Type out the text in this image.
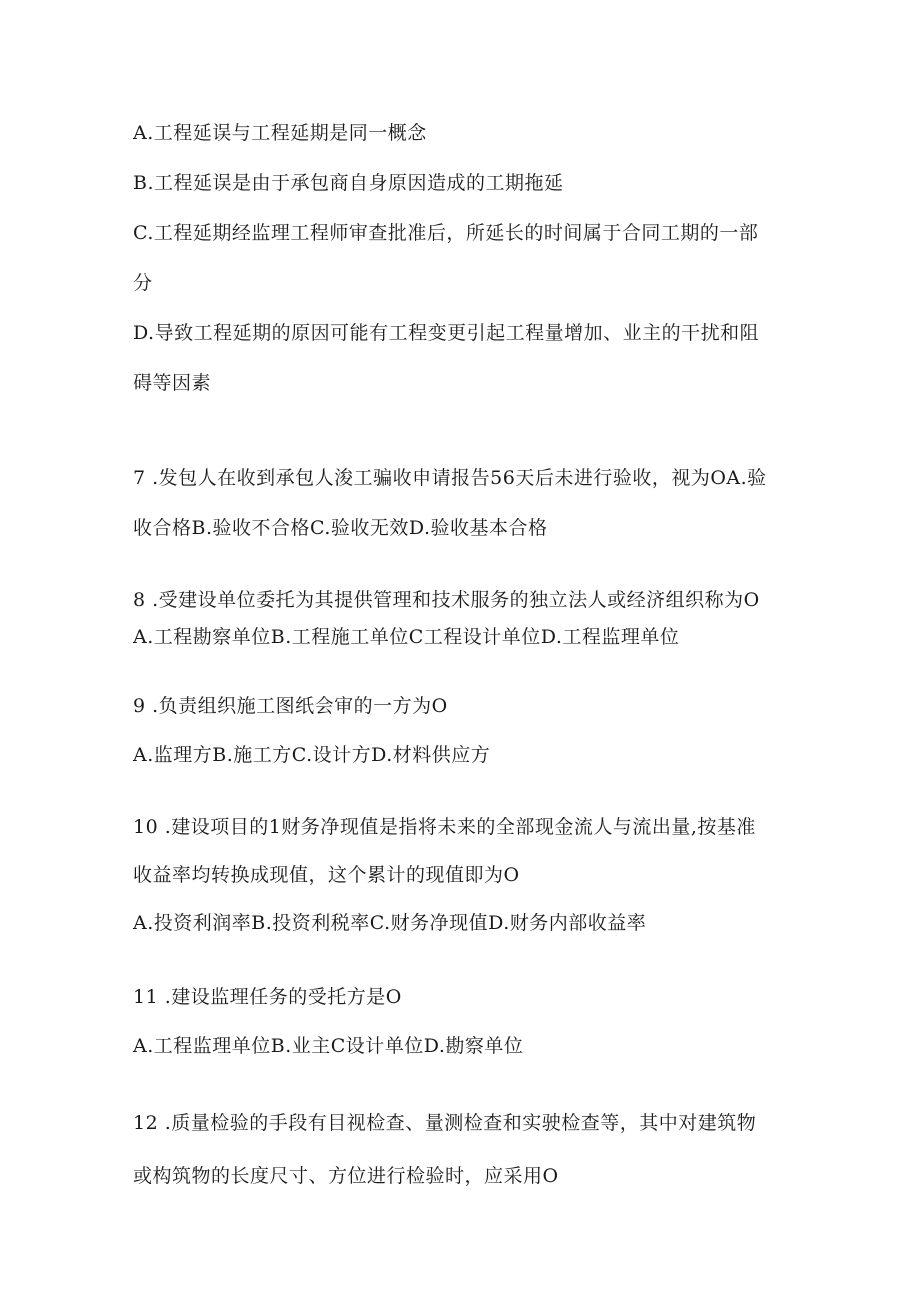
A.工程延误与工程延期是同一概念
B.工程延误是由于承包商自身原因造成的工期拖延
C.工程延期经监理工程师审查批准后，所延长的时间属于合同工期的一部
分
D.导致工程延期的原因可能有工程变更引起工程量增加、业主的干扰和阻
碍等因素
7 .发包人在收到承包人浚工骗收申请报告56天后未进行验收，视为OA.验
收合格B.验收不合格C.验收无效D.验收基本合格
8 .受建设单位委托为其提供管理和技术服务的独立法人或经济组织称为O
A.工程勘察单位B.工程施工单位C工程设计单位D.工程监理单位
9 .负责组织施工图纸会审的一方为O
A.监理方B.施工方C.设计方D.材料供应方
10 .建设项目的1财务净现值是指将未来的全部现金流人与流出量,按基准
收益率均转换成现值，这个累计的现值即为O
A.投资利润率B.投资利税率C.财务净现值D.财务内部收益率
11 .建设监理任务的受托方是O
A.工程监理单位B.业主C设计单位D.勘察单位
12 .质量检验的手段有目视检查、量测检查和实驶检查等，其中对建筑物
或构筑物的长度尺寸、方位进行检验时，应采用O
